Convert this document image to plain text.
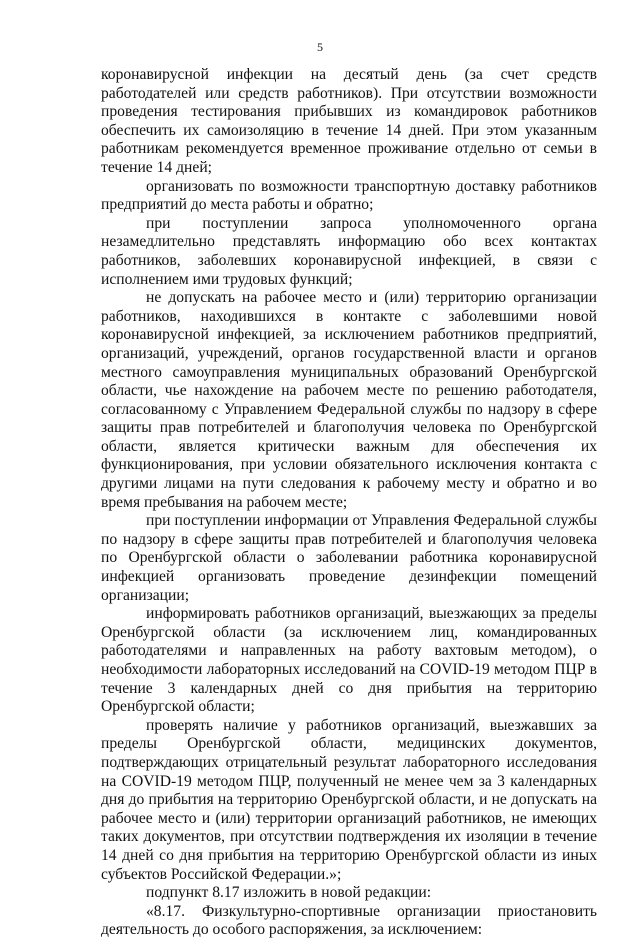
5

коронавирусной инфекции на десятый день (за счет средств работодателей или средств работников). При отсутствии возможности проведения тестирования прибывших из командировок работников обеспечить их самоизоляцию в течение 14 дней. При этом указанным работникам рекомендуется временное проживание отдельно от семьи в течение 14 дней;

организовать по возможности транспортную доставку работников предприятий до места работы и обратно;

при поступлении запроса уполномоченного органа незамедлительно представлять информацию обо всех контактах работников, заболевших коронавирусной инфекцией, в связи с исполнением ими трудовых функций;

не допускать на рабочее место и (или) территорию организации работников, находившихся в контакте с заболевшими новой коронавирусной инфекцией, за исключением работников предприятий, организаций, учреждений, органов государственной власти и органов местного самоуправления муниципальных образований Оренбургской области, чье нахождение на рабочем месте по решению работодателя, согласованному с Управлением Федеральной службы по надзору в сфере защиты прав потребителей и благополучия человека по Оренбургской области, является критически важным для обеспечения их функционирования, при условии обязательного исключения контакта с другими лицами на пути следования к рабочему месту и обратно и во время пребывания на рабочем месте;

при поступлении информации от Управления Федеральной службы по надзору в сфере защиты прав потребителей и благополучия человека по Оренбургской области о заболевании работника коронавирусной инфекцией организовать проведение дезинфекции помещений организации;

информировать работников организаций, выезжающих за пределы Оренбургской области (за исключением лиц, командированных работодателями и направленных на работу вахтовым методом), о необходимости лабораторных исследований на COVID-19 методом ПЦР в течение 3 календарных дней со дня прибытия на территорию Оренбургской области;

проверять наличие у работников организаций, выезжавших за пределы Оренбургской области, медицинских документов, подтверждающих отрицательный результат лабораторного исследования на COVID-19 методом ПЦР, полученный не менее чем за 3 календарных дня до прибытия на территорию Оренбургской области, и не допускать на рабочее место и (или) территории организаций работников, не имеющих таких документов, при отсутствии подтверждения их изоляции в течение 14 дней со дня прибытия на территорию Оренбургской области из иных субъектов Российской Федерации.»;

подпункт 8.17 изложить в новой редакции:

«8.17. Физкультурно-спортивные организации приостановить деятельность до особого распоряжения, за исключением:
